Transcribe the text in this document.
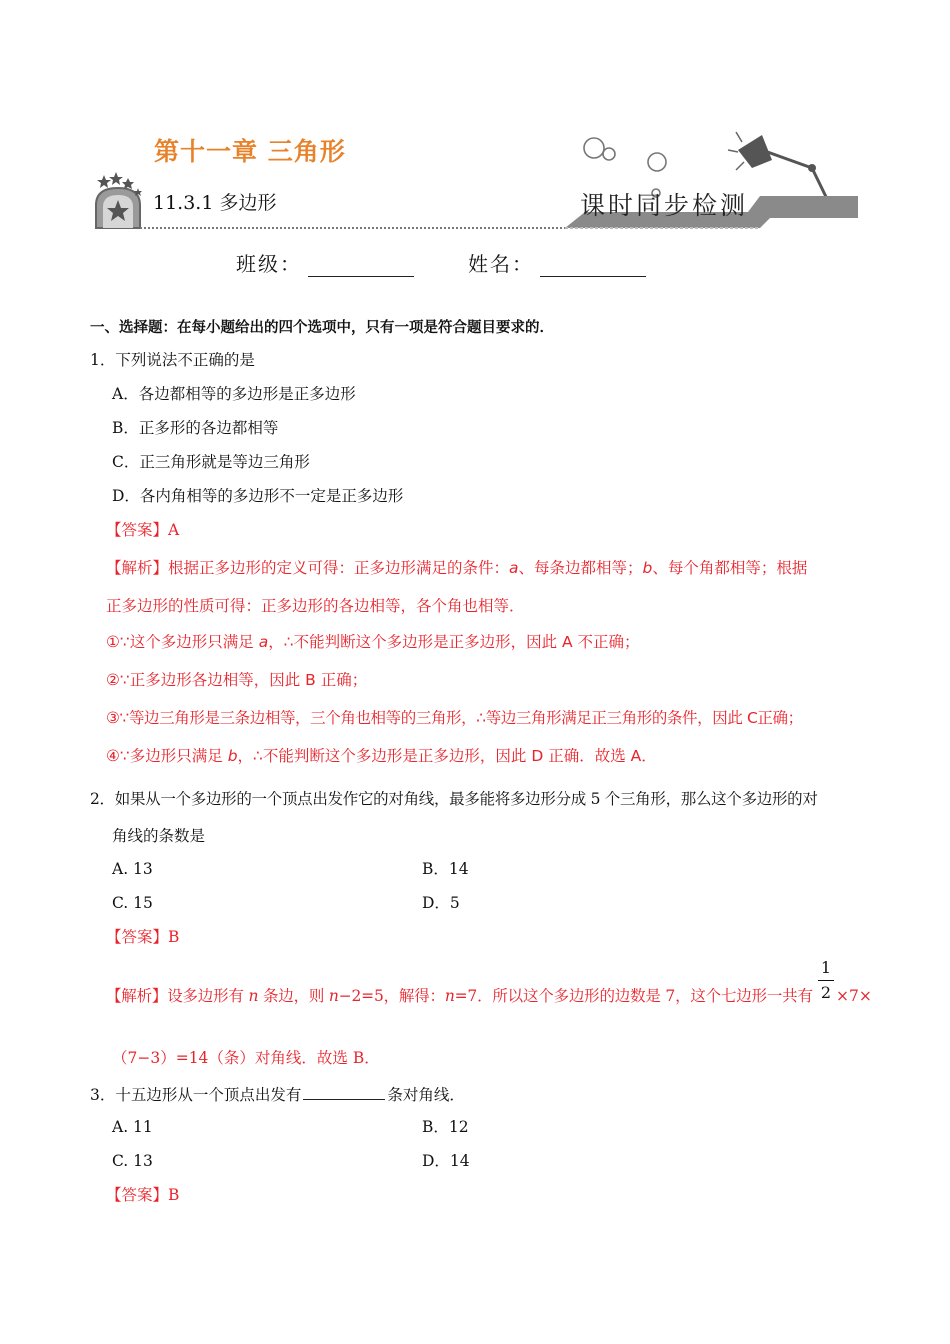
第十一章 三角形
11.3.1 多边形	课时同步检测
班级：	姓名：
一、选择题：在每小题给出的四个选项中，只有一项是符合题目要求的．
1．下列说法不正确的是
A．各边都相等的多边形是正多边形
B．正多形的各边都相等
C．正三角形就是等边三角形
D．各内角相等的多边形不一定是正多边形
【答案】A
【解析】根据正多边形的定义可得：正多边形满足的条件：a、每条边都相等；b、每个角都相等；根据
正多边形的性质可得：正多边形的各边相等，各个角也相等．
①∵这个多边形只满足 a，∴不能判断这个多边形是正多边形，因此 A 不正确；
②∵正多边形各边相等，因此 B 正确；
③∵等边三角形是三条边相等，三个角也相等的三角形，∴等边三角形满足正三角形的条件，因此 C正确；
④∵多边形只满足 b，∴不能判断这个多边形是正多边形，因此 D 正确．故选 A．
2．如果从一个多边形的一个顶点出发作它的对角线，最多能将多边形分成 5 个三角形，那么这个多边形的对
角线的条数是
A. 13	B．14
C. 15	D．5
【答案】B
【解析】设多边形有 n 条边，则 n−2=5，解得：n=7．所以这个多边形的边数是 7，这个七边形一共有 $\frac{1}{2} \times 7\times$
（7−3）=14（条）对角线．故选 B．
3．十五边形从一个顶点出发有	条对角线．
A. 11	B．12
C. 13	D．14
【答案】B
